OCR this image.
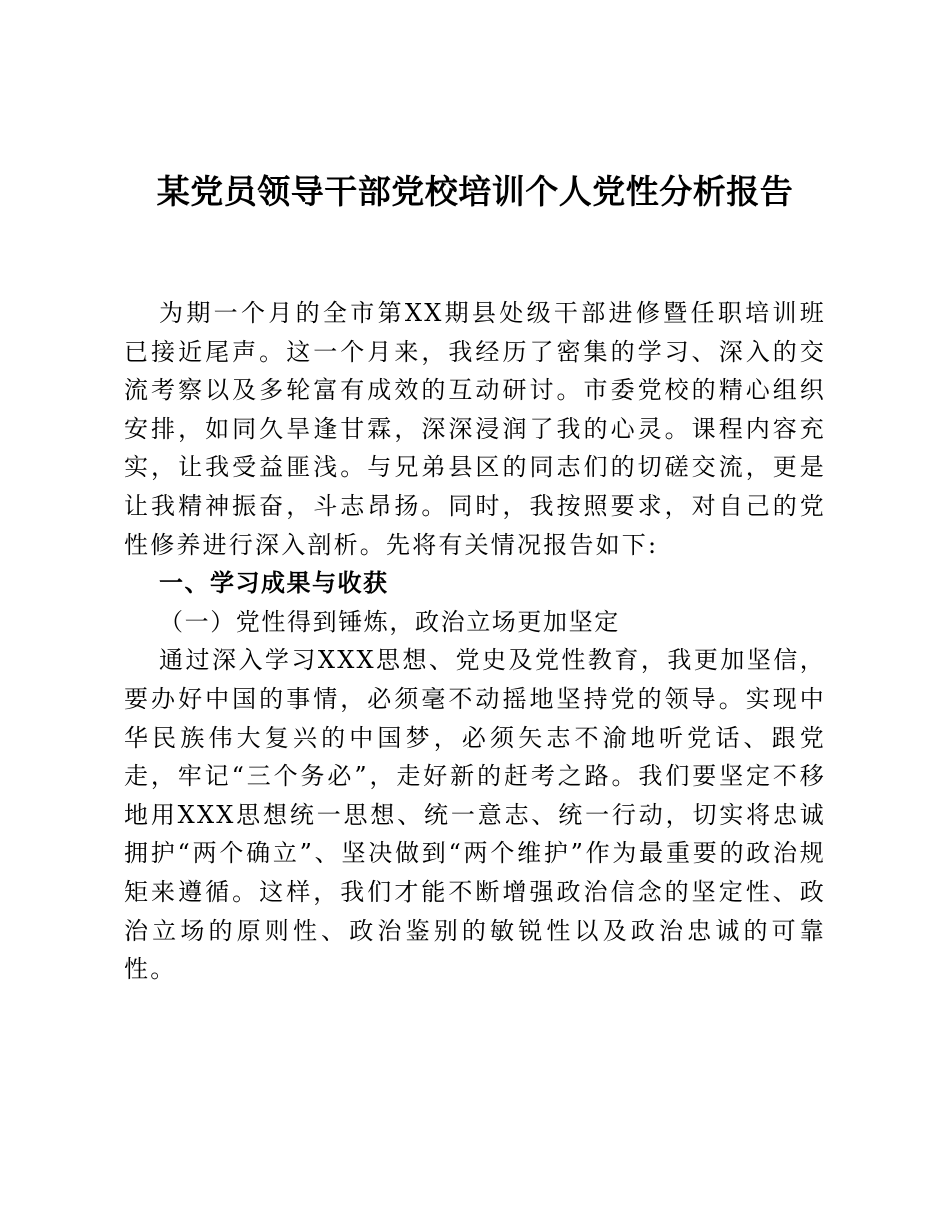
某党员领导干部党校培训个人党性分析报告

为期一个月的全市第XX期县处级干部进修暨任职培训班已接近尾声。这一个月来，我经历了密集的学习、深入的交流考察以及多轮富有成效的互动研讨。市委党校的精心组织安排，如同久旱逢甘霖，深深浸润了我的心灵。课程内容充实，让我受益匪浅。与兄弟县区的同志们的切磋交流，更是让我精神振奋，斗志昂扬。同时，我按照要求，对自己的党性修养进行深入剖析。先将有关情况报告如下:

一、学习成果与收获

（一）党性得到锤炼，政治立场更加坚定

通过深入学习XXX思想、党史及党性教育，我更加坚信，要办好中国的事情，必须毫不动摇地坚持党的领导。实现中华民族伟大复兴的中国梦，必须矢志不渝地听党话、跟党走，牢记“三个务必”，走好新的赶考之路。我们要坚定不移地用XXX思想统一思想、统一意志、统一行动，切实将忠诚拥护“两个确立”、坚决做到“两个维护”作为最重要的政治规矩来遵循。这样，我们才能不断增强政治信念的坚定性、政治立场的原则性、政治鉴别的敏锐性以及政治忠诚的可靠性。
